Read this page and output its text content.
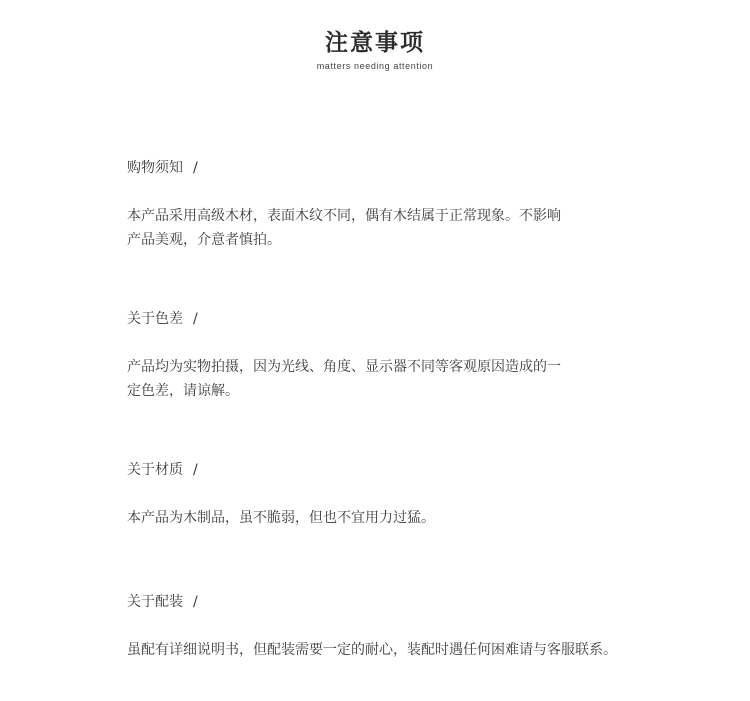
注意事项
matters needing attention
购物须知 /
本产品采用高级木材，表面木纹不同，偶有木结属于正常现象。不影响
产品美观，介意者慎拍。
关于色差 /
产品均为实物拍摄，因为光线、角度、显示器不同等客观原因造成的一
定色差，请谅解。
关于材质 /
本产品为木制品，虽不脆弱，但也不宜用力过猛。
关于配装 /
虽配有详细说明书，但配装需要一定的耐心，装配时遇任何困难请与客服联系。
